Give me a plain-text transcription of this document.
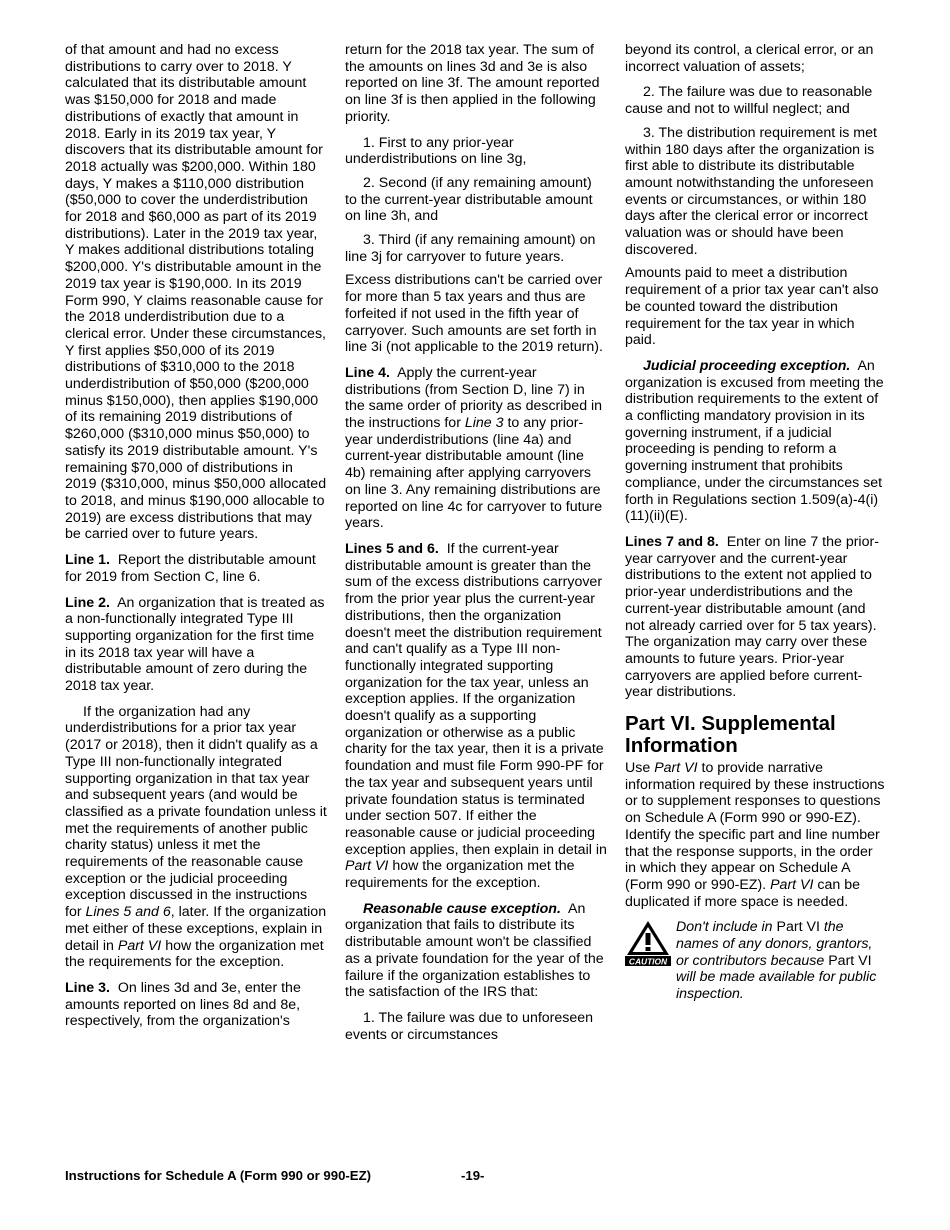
of that amount and had no excess distributions to carry over to 2018. Y calculated that its distributable amount was $150,000 for 2018 and made distributions of exactly that amount in 2018. Early in its 2019 tax year, Y discovers that its distributable amount for 2018 actually was $200,000. Within 180 days, Y makes a $110,000 distribution ($50,000 to cover the underdistribution for 2018 and $60,000 as part of its 2019 distributions). Later in the 2019 tax year, Y makes additional distributions totaling $200,000. Y's distributable amount in the 2019 tax year is $190,000. In its 2019 Form 990, Y claims reasonable cause for the 2018 underdistribution due to a clerical error. Under these circumstances, Y first applies $50,000 of its 2019 distributions of $310,000 to the 2018 underdistribution of $50,000 ($200,000 minus $150,000), then applies $190,000 of its remaining 2019 distributions of $260,000 ($310,000 minus $50,000) to satisfy its 2019 distributable amount. Y's remaining $70,000 of distributions in 2019 ($310,000, minus $50,000 allocated to 2018, and minus $190,000 allocable to 2019) are excess distributions that may be carried over to future years.

Line 1. Report the distributable amount for 2019 from Section C, line 6.

Line 2. An organization that is treated as a non-functionally integrated Type III supporting organization for the first time in its 2018 tax year will have a distributable amount of zero during the 2018 tax year.

If the organization had any underdistributions for a prior tax year (2017 or 2018), then it didn't qualify as a Type III non-functionally integrated supporting organization in that tax year and subsequent years (and would be classified as a private foundation unless it met the requirements of another public charity status) unless it met the requirements of the reasonable cause exception or the judicial proceeding exception discussed in the instructions for Lines 5 and 6, later. If the organization met either of these exceptions, explain in detail in Part VI how the organization met the requirements for the exception.

Line 3. On lines 3d and 3e, enter the amounts reported on lines 8d and 8e, respectively, from the organization's

return for the 2018 tax year. The sum of the amounts on lines 3d and 3e is also reported on line 3f. The amount reported on line 3f is then applied in the following priority.

1. First to any prior-year underdistributions on line 3g,

2. Second (if any remaining amount) to the current-year distributable amount on line 3h, and

3. Third (if any remaining amount) on line 3j for carryover to future years.

Excess distributions can't be carried over for more than 5 tax years and thus are forfeited if not used in the fifth year of carryover. Such amounts are set forth in line 3i (not applicable to the 2019 return).

Line 4. Apply the current-year distributions (from Section D, line 7) in the same order of priority as described in the instructions for Line 3 to any prior-year underdistributions (line 4a) and current-year distributable amount (line 4b) remaining after applying carryovers on line 3. Any remaining distributions are reported on line 4c for carryover to future years.

Lines 5 and 6. If the current-year distributable amount is greater than the sum of the excess distributions carryover from the prior year plus the current-year distributions, then the organization doesn't meet the distribution requirement and can't qualify as a Type III non-functionally integrated supporting organization for the tax year, unless an exception applies. If the organization doesn't qualify as a supporting organization or otherwise as a public charity for the tax year, then it is a private foundation and must file Form 990-PF for the tax year and subsequent years until private foundation status is terminated under section 507. If either the reasonable cause or judicial proceeding exception applies, then explain in detail in Part VI how the organization met the requirements for the exception.

Reasonable cause exception. An organization that fails to distribute its distributable amount won't be classified as a private foundation for the year of the failure if the organization establishes to the satisfaction of the IRS that:

1. The failure was due to unforeseen events or circumstances

beyond its control, a clerical error, or an incorrect valuation of assets;

2. The failure was due to reasonable cause and not to willful neglect; and

3. The distribution requirement is met within 180 days after the organization is first able to distribute its distributable amount notwithstanding the unforeseen events or circumstances, or within 180 days after the clerical error or incorrect valuation was or should have been discovered.

Amounts paid to meet a distribution requirement of a prior tax year can't also be counted toward the distribution requirement for the tax year in which paid.

Judicial proceeding exception. An organization is excused from meeting the distribution requirements to the extent of a conflicting mandatory provision in its governing instrument, if a judicial proceeding is pending to reform a governing instrument that prohibits compliance, under the circumstances set forth in Regulations section 1.509(a)-4(i)(11)(ii)(E).

Lines 7 and 8. Enter on line 7 the prior-year carryover and the current-year distributions to the extent not applied to prior-year underdistributions and the current-year distributable amount (and not already carried over for 5 tax years). The organization may carry over these amounts to future years. Prior-year carryovers are applied before current-year distributions.

Part VI. Supplemental Information

Use Part VI to provide narrative information required by these instructions or to supplement responses to questions on Schedule A (Form 990 or 990-EZ). Identify the specific part and line number that the response supports, in the order in which they appear on Schedule A (Form 990 or 990-EZ). Part VI can be duplicated if more space is needed.

CAUTION
Don't include in Part VI the names of any donors, grantors, or contributors because Part VI will be made available for public inspection.
Instructions for Schedule A (Form 990 or 990-EZ)	-19-
